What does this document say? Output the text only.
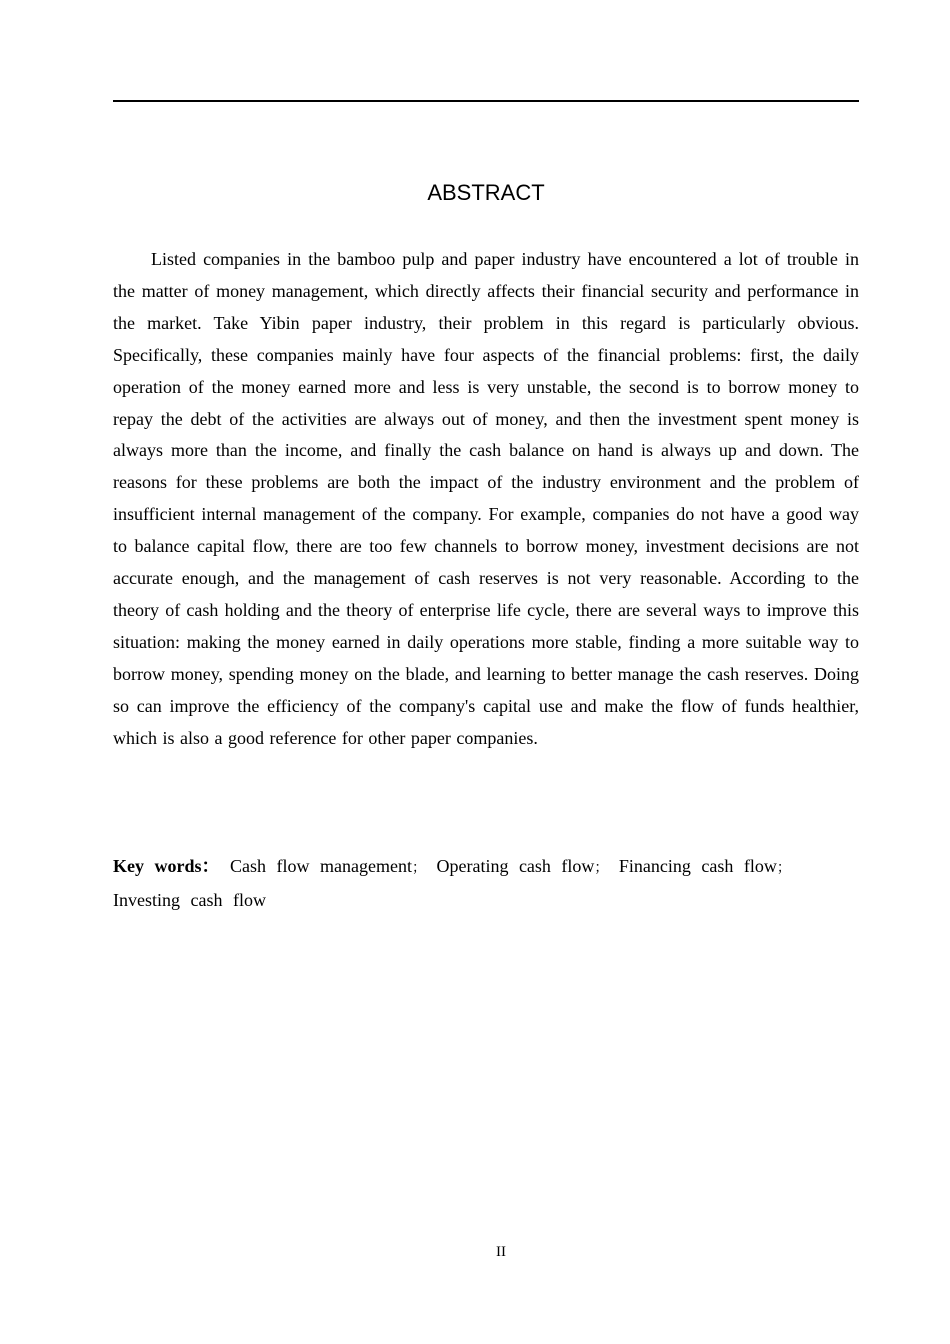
ABSTRACT

Listed companies in the bamboo pulp and paper industry have encountered a lot of trouble in the matter of money management, which directly affects their financial security and performance in the market. Take Yibin paper industry, their problem in this regard is particularly obvious. Specifically, these companies mainly have four aspects of the financial problems: first, the daily operation of the money earned more and less is very unstable, the second is to borrow money to repay the debt of the activities are always out of money, and then the investment spent money is always more than the income, and finally the cash balance on hand is always up and down. The reasons for these problems are both the impact of the industry environment and the problem of insufficient internal management of the company. For example, companies do not have a good way to balance capital flow, there are too few channels to borrow money, investment decisions are not accurate enough, and the management of cash reserves is not very reasonable. According to the theory of cash holding and the theory of enterprise life cycle, there are several ways to improve this situation: making the money earned in daily operations more stable, finding a more suitable way to borrow money, spending money on the blade, and learning to better manage the cash reserves. Doing so can improve the efficiency of the company's capital use and make the flow of funds healthier, which is also a good reference for other paper companies.

Key words： Cash flow management； Operating cash flow； Financing cash flow； Investing cash flow

II
